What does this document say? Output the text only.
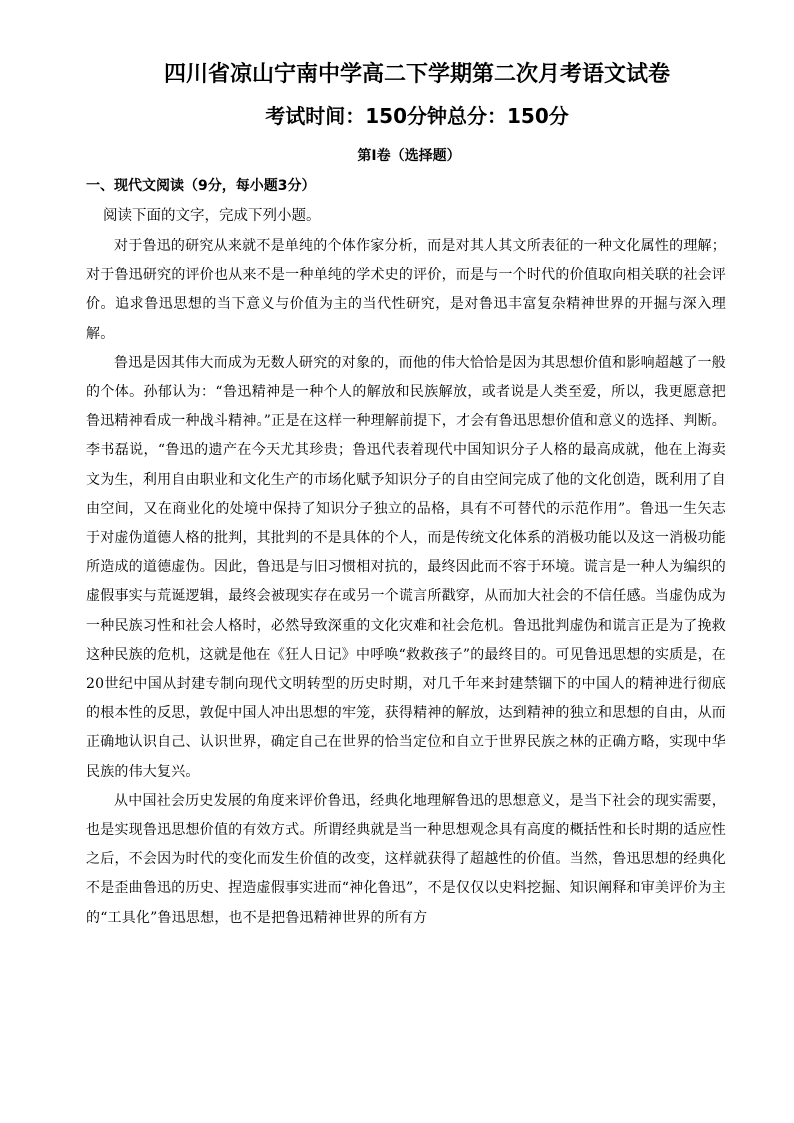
四川省凉山宁南中学高二下学期第二次月考语文试卷
考试时间：150分钟总分：150分
第Ⅰ卷（选择题）
一、现代文阅读（9分，每小题3分）
阅读下面的文字，完成下列小题。

对于鲁迅的研究从来就不是单纯的个体作家分析，而是对其人其文所表征的一种文化属性的理解；对于鲁迅研究的评价也从来不是一种单纯的学术史的评价，而是与一个时代的价值取向相关联的社会评价。追求鲁迅思想的当下意义与价值为主的当代性研究，是对鲁迅丰富复杂精神世界的开掘与深入理解。

鲁迅是因其伟大而成为无数人研究的对象的，而他的伟大恰恰是因为其思想价值和影响超越了一般的个体。孙郁认为：“鲁迅精神是一种个人的解放和民族解放，或者说是人类至爱，所以，我更愿意把鲁迅精神看成一种战斗精神。”正是在这样一种理解前提下，才会有鲁迅思想价值和意义的选择、判断。李书磊说，“鲁迅的遗产在今天尤其珍贵；鲁迅代表着现代中国知识分子人格的最高成就，他在上海卖文为生，利用自由职业和文化生产的市场化赋予知识分子的自由空间完成了他的文化创造，既利用了自由空间，又在商业化的处境中保持了知识分子独立的品格，具有不可替代的示范作用”。鲁迅一生矢志于对虚伪道德人格的批判，其批判的不是具体的个人，而是传统文化体系的消极功能以及这一消极功能所造成的道德虚伪。因此，鲁迅是与旧习惯相对抗的，最终因此而不容于环境。谎言是一种人为编织的虚假事实与荒诞逻辑，最终会被现实存在或另一个谎言所戳穿，从而加大社会的不信任感。当虚伪成为一种民族习性和社会人格时，必然导致深重的文化灾难和社会危机。鲁迅批判虚伪和谎言正是为了挽救这种民族的危机，这就是他在《狂人日记》中呼唤“救救孩子”的最终目的。可见鲁迅思想的实质是，在20世纪中国从封建专制向现代文明转型的历史时期，对几千年来封建禁锢下的中国人的精神进行彻底的根本性的反思，敦促中国人冲出思想的牢笼，获得精神的解放，达到精神的独立和思想的自由，从而正确地认识自己、认识世界，确定自己在世界的恰当定位和自立于世界民族之林的正确方略，实现中华民族的伟大复兴。

从中国社会历史发展的角度来评价鲁迅，经典化地理解鲁迅的思想意义，是当下社会的现实需要，也是实现鲁迅思想价值的有效方式。所谓经典就是当一种思想观念具有高度的概括性和长时期的适应性之后，不会因为时代的变化而发生价值的改变，这样就获得了超越性的价值。当然，鲁迅思想的经典化不是歪曲鲁迅的历史、捏造虚假事实进而“神化鲁迅”，不是仅仅以史料挖掘、知识阐释和审美评价为主的“工具化”鲁迅思想，也不是把鲁迅精神世界的所有方
